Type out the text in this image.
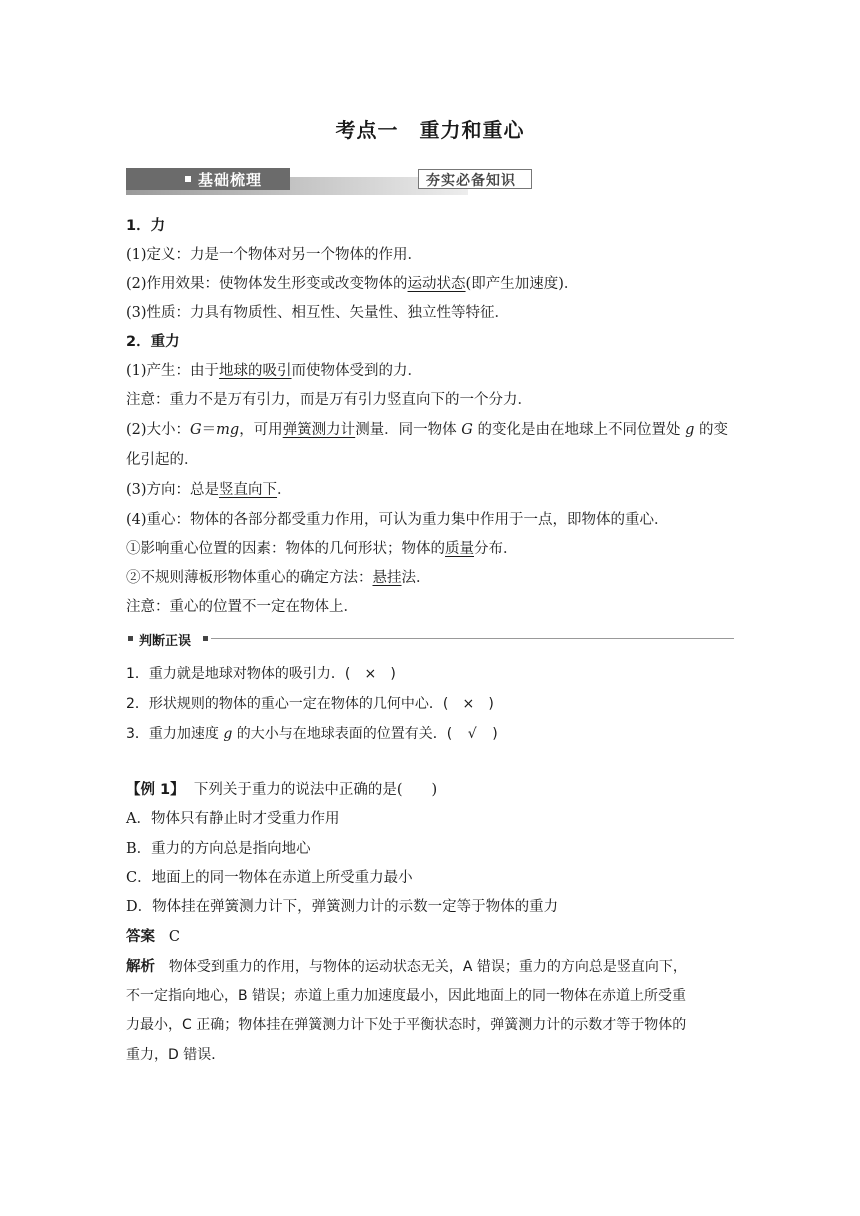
考点一　重力和重心
基础梳理	夯实必备知识
1．力
(1)定义：力是一个物体对另一个物体的作用．
(2)作用效果：使物体发生形变或改变物体的运动状态(即产生加速度)．
(3)性质：力具有物质性、相互性、矢量性、独立性等特征．
2．重力
(1)产生：由于地球的吸引而使物体受到的力．
注意：重力不是万有引力，而是万有引力竖直向下的一个分力．
(2)大小：G＝mg，可用弹簧测力计测量．同一物体 G 的变化是由在地球上不同位置处 g 的变
化引起的．
(3)方向：总是竖直向下．
(4)重心：物体的各部分都受重力作用，可认为重力集中作用于一点，即物体的重心．
①影响重心位置的因素：物体的几何形状；物体的质量分布．
②不规则薄板形物体重心的确定方法：悬挂法．
注意：重心的位置不一定在物体上．
判断正误
1．重力就是地球对物体的吸引力．( × )
2．形状规则的物体的重心一定在物体的几何中心．( × )
3．重力加速度 g 的大小与在地球表面的位置有关．( √ )
【例 1】 下列关于重力的说法中正确的是(　　)
A．物体只有静止时才受重力作用
B．重力的方向总是指向地心
C．地面上的同一物体在赤道上所受重力最小
D．物体挂在弹簧测力计下，弹簧测力计的示数一定等于物体的重力
答案 C
解析 物体受到重力的作用，与物体的运动状态无关，A 错误；重力的方向总是竖直向下，
不一定指向地心，B 错误；赤道上重力加速度最小，因此地面上的同一物体在赤道上所受重
力最小，C 正确；物体挂在弹簧测力计下处于平衡状态时，弹簧测力计的示数才等于物体的
重力，D 错误．
